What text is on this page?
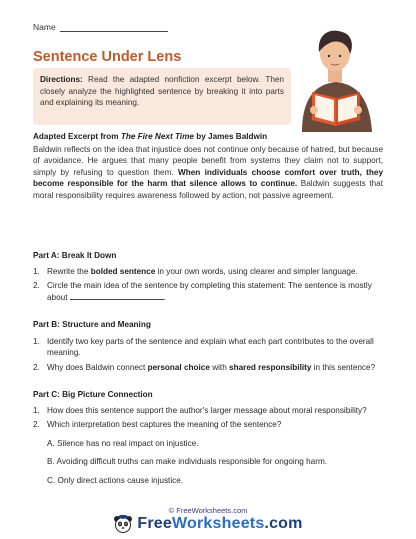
Name
Sentence Under Lens
Directions: Read the adapted nonfiction excerpt below. Then closely analyze the highlighted sentence by breaking it into parts and explaining its meaning.
Adapted Excerpt from The Fire Next Time by James Baldwin
Baldwin reflects on the idea that injustice does not continue only because of hatred, but because of avoidance. He argues that many people benefit from systems they claim not to support, simply by refusing to question them. When individuals choose comfort over truth, they become responsible for the harm that silence allows to continue. Baldwin suggests that moral responsibility requires awareness followed by action, not passive agreement.
Part A: Break It Down
1. Rewrite the bolded sentence in your own words, using clearer and simpler language.
2. Circle the main idea of the sentence by completing this statement: The sentence is mostly about	.
Part B: Structure and Meaning
1. Identify two key parts of the sentence and explain what each part contributes to the overall meaning.
2. Why does Baldwin connect personal choice with shared responsibility in this sentence?
Part C: Big Picture Connection
1. How does this sentence support the author's larger message about moral responsibility?
2. Which interpretation best captures the meaning of the sentence?
A. Silence has no real impact on injustice.
B. Avoiding difficult truths can make individuals responsible for ongoing harm.
C. Only direct actions cause injustice.
© FreeWorksheets.com
FreeWorksheets.com
